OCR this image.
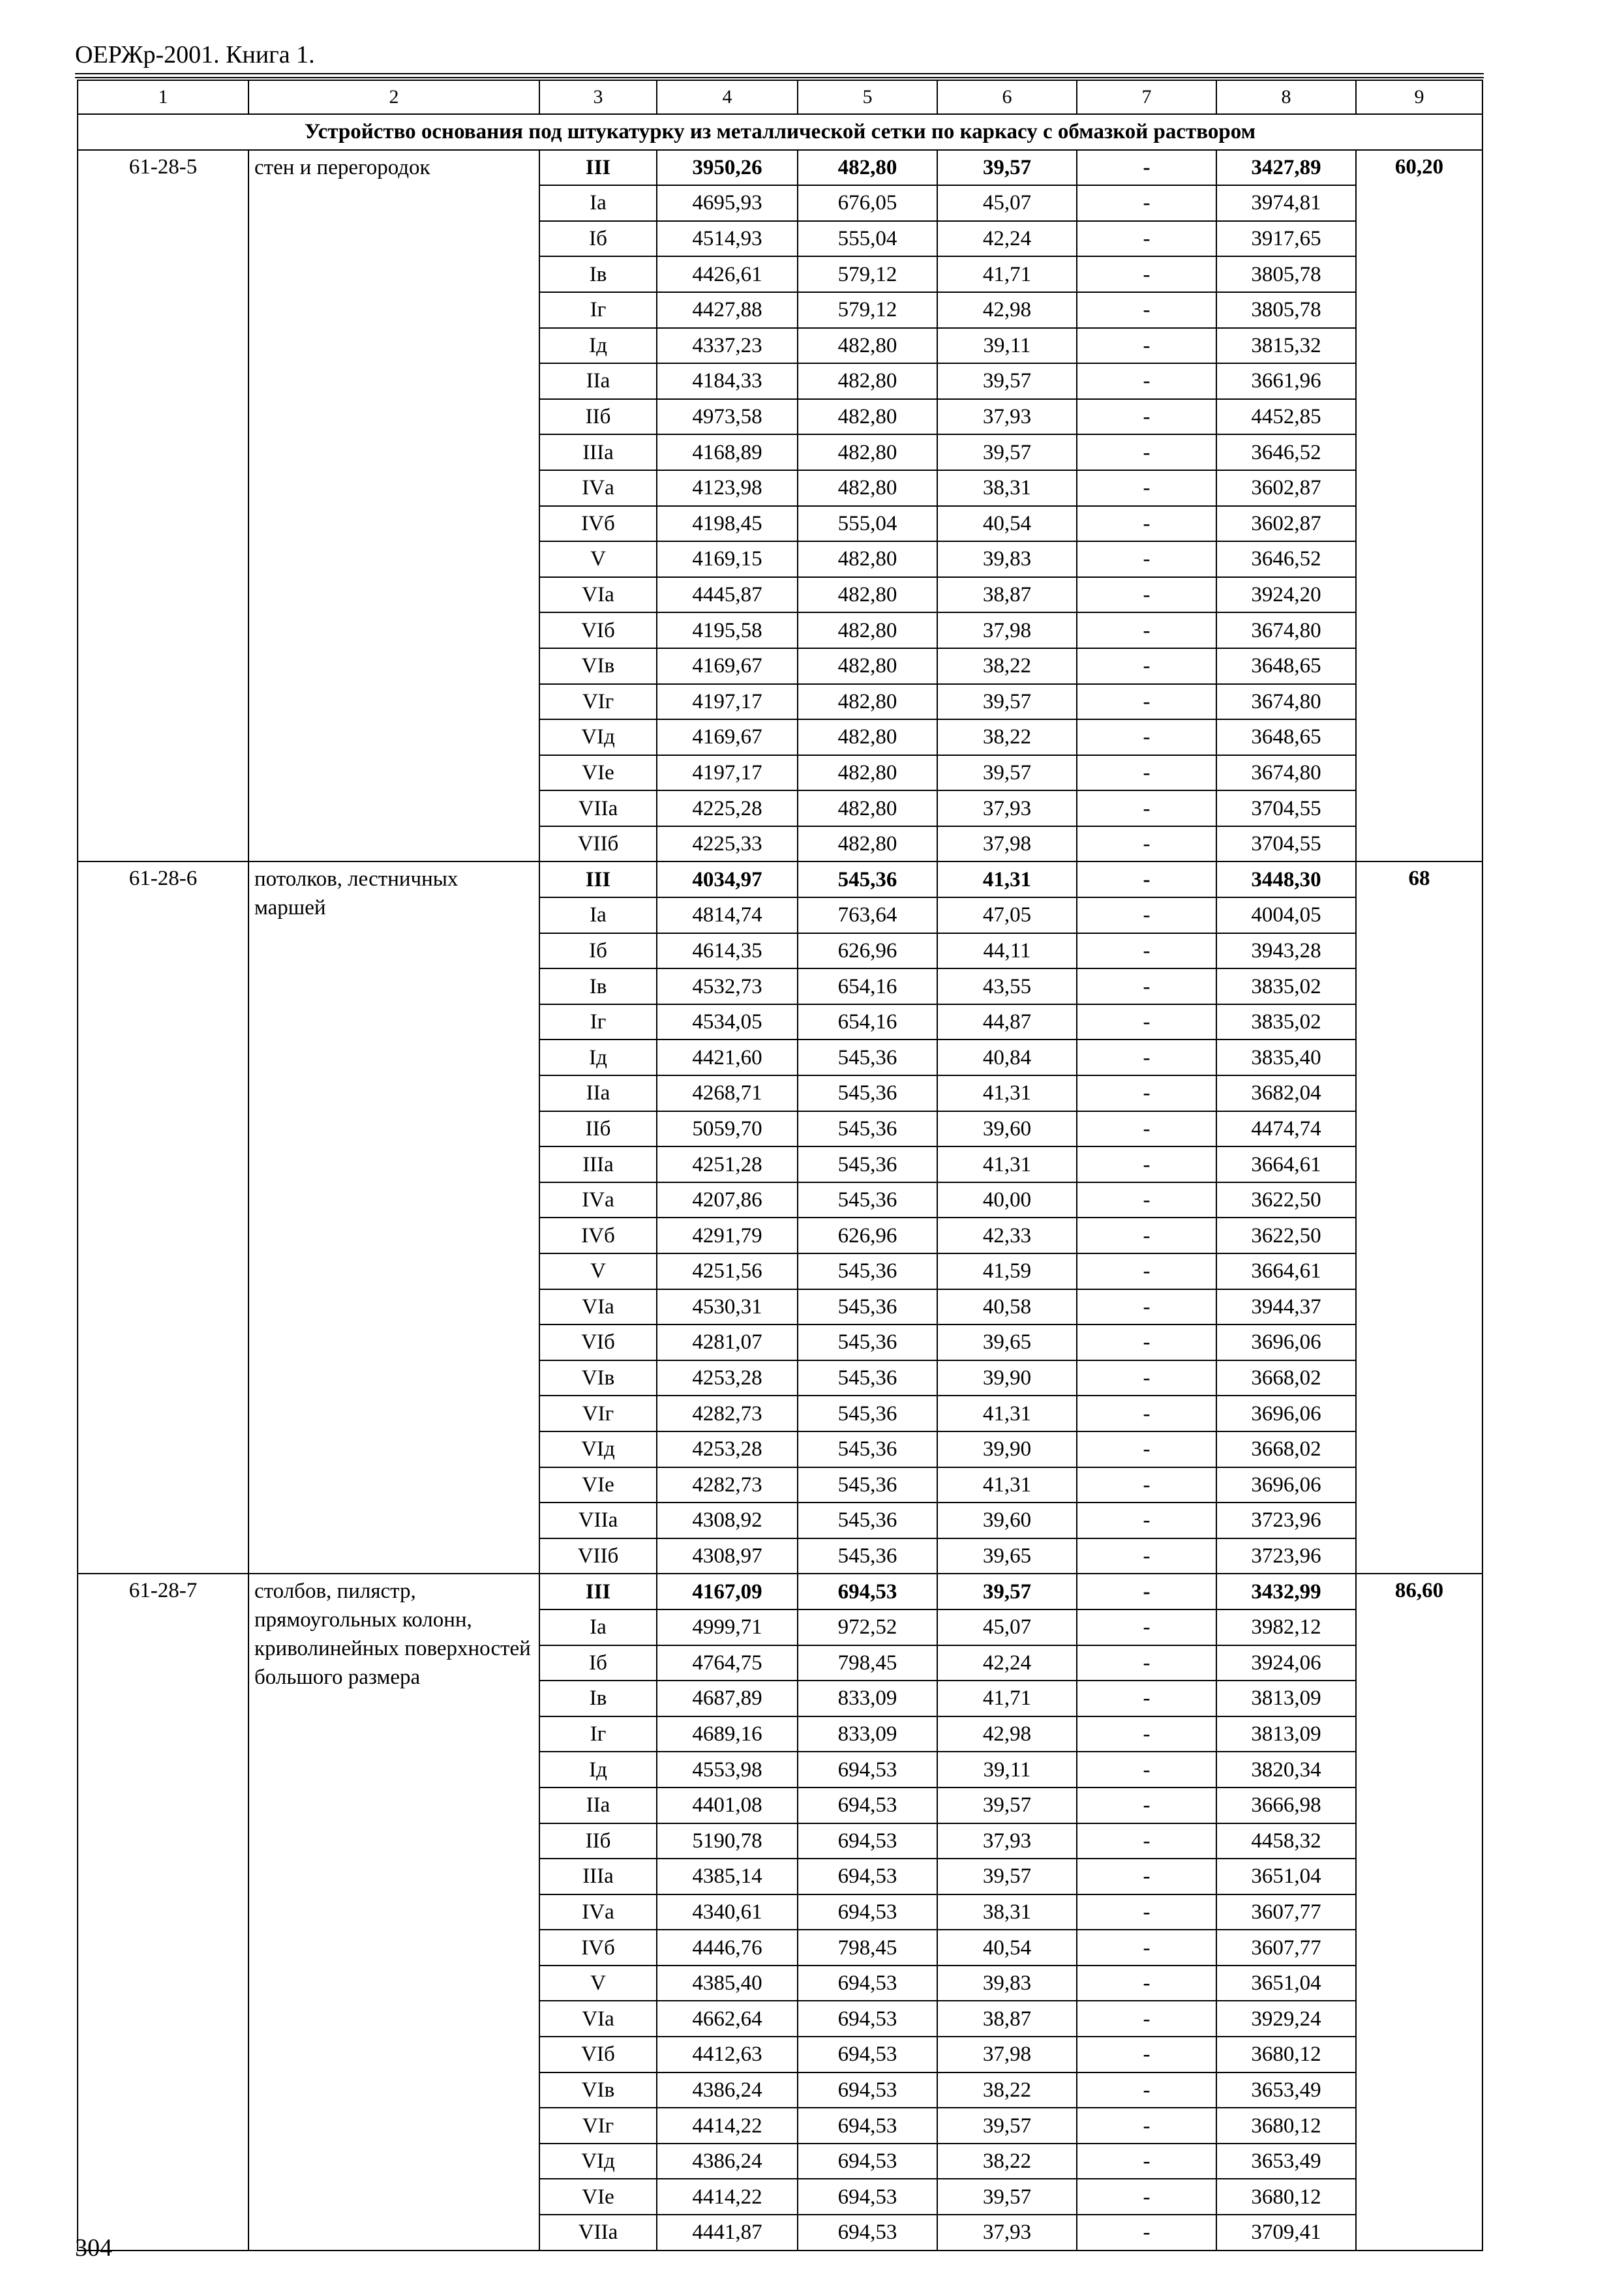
ОЕРЖр-2001. Книга 1.
1	2	3	4	5	6	7	8	9
Устройство основания под штукатурку из металлической сетки по каркасу с обмазкой раствором								
61-28-5	стен и перегородок	III	3950,26	482,80	39,57	-	3427,89	60,20
		Iа	4695,93	676,05	45,07	-	3974,81	
		Iб	4514,93	555,04	42,24	-	3917,65	
		Iв	4426,61	579,12	41,71	-	3805,78	
		Iг	4427,88	579,12	42,98	-	3805,78	
		Iд	4337,23	482,80	39,11	-	3815,32	
		IIа	4184,33	482,80	39,57	-	3661,96	
		IIб	4973,58	482,80	37,93	-	4452,85	
		IIIа	4168,89	482,80	39,57	-	3646,52	
		IVа	4123,98	482,80	38,31	-	3602,87	
		IVб	4198,45	555,04	40,54	-	3602,87	
		V	4169,15	482,80	39,83	-	3646,52	
		VIа	4445,87	482,80	38,87	-	3924,20	
		VIб	4195,58	482,80	37,98	-	3674,80	
		VIв	4169,67	482,80	38,22	-	3648,65	
		VIг	4197,17	482,80	39,57	-	3674,80	
		VIд	4169,67	482,80	38,22	-	3648,65	
		VIе	4197,17	482,80	39,57	-	3674,80	
		VIIа	4225,28	482,80	37,93	-	3704,55	
		VIIб	4225,33	482,80	37,98	-	3704,55	
61-28-6	потолков, лестничных маршей	III	4034,97	545,36	41,31	-	3448,30	68
		Iа	4814,74	763,64	47,05	-	4004,05	
		Iб	4614,35	626,96	44,11	-	3943,28	
		Iв	4532,73	654,16	43,55	-	3835,02	
		Iг	4534,05	654,16	44,87	-	3835,02	
		Iд	4421,60	545,36	40,84	-	3835,40	
		IIа	4268,71	545,36	41,31	-	3682,04	
		IIб	5059,70	545,36	39,60	-	4474,74	
		IIIа	4251,28	545,36	41,31	-	3664,61	
		IVа	4207,86	545,36	40,00	-	3622,50	
		IVб	4291,79	626,96	42,33	-	3622,50	
		V	4251,56	545,36	41,59	-	3664,61	
		VIа	4530,31	545,36	40,58	-	3944,37	
		VIб	4281,07	545,36	39,65	-	3696,06	
		VIв	4253,28	545,36	39,90	-	3668,02	
		VIг	4282,73	545,36	41,31	-	3696,06	
		VIд	4253,28	545,36	39,90	-	3668,02	
		VIе	4282,73	545,36	41,31	-	3696,06	
		VIIа	4308,92	545,36	39,60	-	3723,96	
		VIIб	4308,97	545,36	39,65	-	3723,96	
61-28-7	столбов, пилястр, прямоугольных колонн, криволинейных поверхностей большого размера	III	4167,09	694,53	39,57	-	3432,99	86,60
		Iа	4999,71	972,52	45,07	-	3982,12	
		Iб	4764,75	798,45	42,24	-	3924,06	
		Iв	4687,89	833,09	41,71	-	3813,09	
		Iг	4689,16	833,09	42,98	-	3813,09	
		Iд	4553,98	694,53	39,11	-	3820,34	
		IIа	4401,08	694,53	39,57	-	3666,98	
		IIб	5190,78	694,53	37,93	-	4458,32	
		IIIа	4385,14	694,53	39,57	-	3651,04	
		IVа	4340,61	694,53	38,31	-	3607,77	
		IVб	4446,76	798,45	40,54	-	3607,77	
		V	4385,40	694,53	39,83	-	3651,04	
		VIа	4662,64	694,53	38,87	-	3929,24	
		VIб	4412,63	694,53	37,98	-	3680,12	
		VIв	4386,24	694,53	38,22	-	3653,49	
		VIг	4414,22	694,53	39,57	-	3680,12	
		VIд	4386,24	694,53	38,22	-	3653,49	
		VIе	4414,22	694,53	39,57	-	3680,12	
		VIIа	4441,87	694,53	37,93	-	3709,41	
304
